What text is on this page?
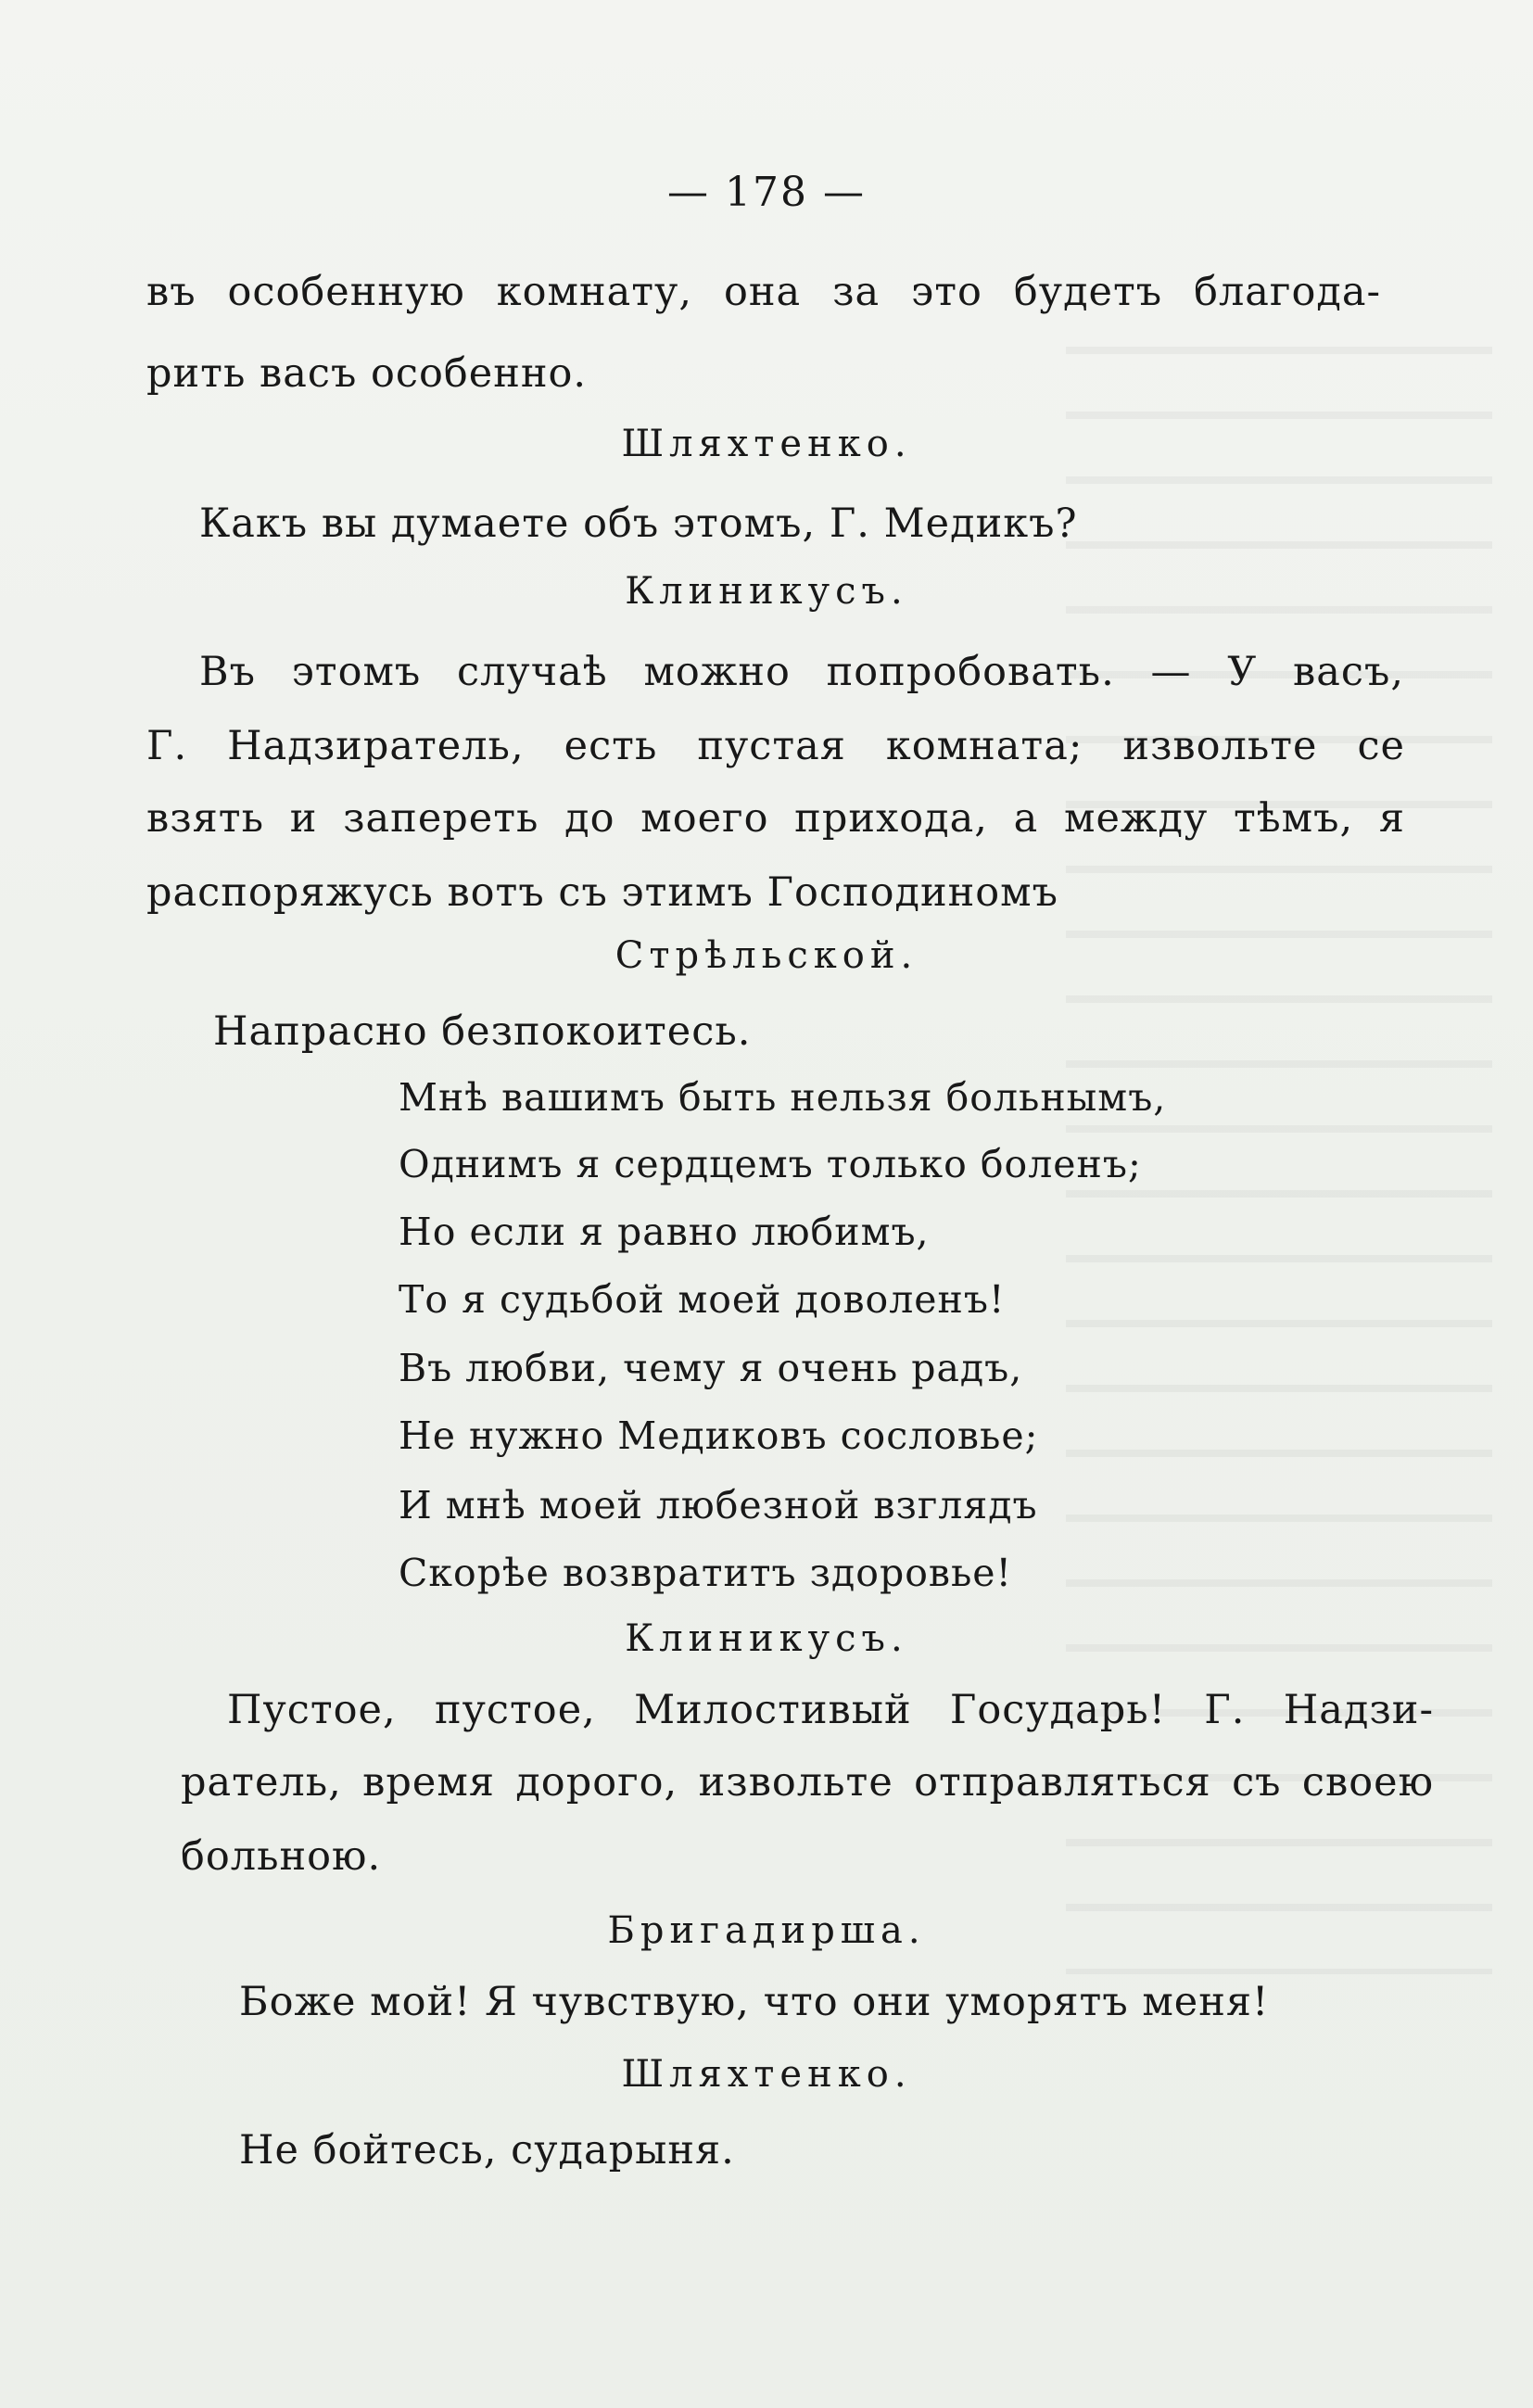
— 178 —
въ особенную комнату, она за это будетъ благода-
рить васъ особенно.
Шляхтенко.
Какъ вы думаете объ этомъ, Г. Медикъ?
Клиникусъ.
Въ этомъ случаѣ можно попробовать. — У васъ,
Г. Надзиратель, есть пустая комната; извольте се
взять и запереть до моего прихода, а между тѣмъ, я
распоряжусь вотъ съ этимъ Господиномъ
Стрѣльской.
Напрасно безпокоитесь.
Мнѣ вашимъ быть нельзя больнымъ,
Однимъ я сердцемъ только боленъ;
Но если я равно любимъ,
То я судьбой моей доволенъ!
Въ любви, чему я очень радъ,
Не нужно Медиковъ сословье;
И мнѣ моей любезной взглядъ
Скорѣе возвратитъ здоровье!
Клиникусъ.
Пустое, пустое, Милостивый Государь! Г. Надзи-
ратель, время дорого, извольте отправляться съ своею
больною.
Бригадирша.
Боже мой! Я чувствую, что они уморятъ меня!
Шляхтенко.
Не бойтесь, сударыня.
